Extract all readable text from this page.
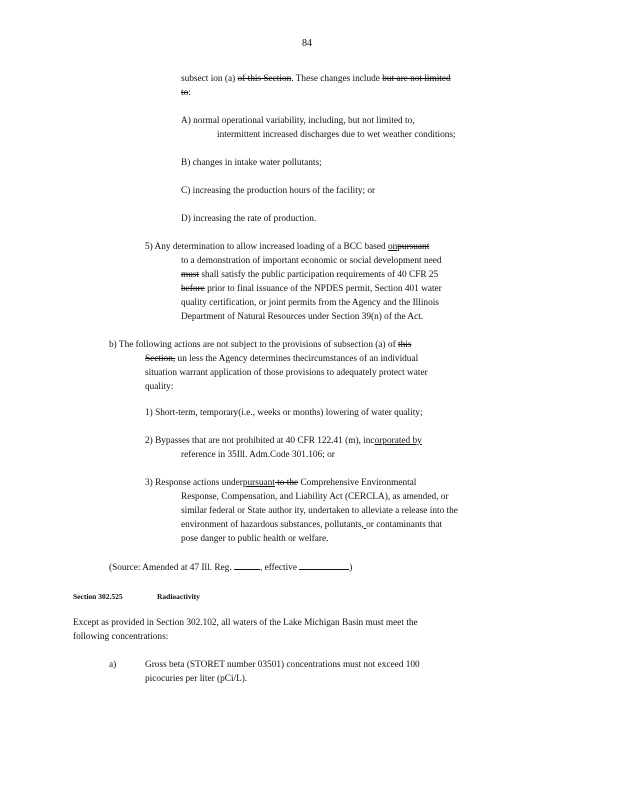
84
subsect ion (a) of this Section. These changes include but are not limited
to:
A) normal operational variability, including, but not limited to,
intermittent increased discharges due to wet weather conditions;
B) changes in intake water pollutants;
C) increasing the production hours of the facility; or
D) increasing the rate of production.
5) Any determination to allow increased loading of a BCC based onpursuant
to a demonstration of important economic or social development need
must shall satisfy the public participation requirements of 40 CFR 25
before prior to final issuance of the NPDES permit, Section 401 water
quality certification, or joint permits from the Agency and the Illinois
Department of Natural Resources under Section 39(n) of the Act.
b) The following actions are not subject to the provisions of subsection (a) of this
Section, un less the Agency determines thecircumstances of an individual
situation warrant application of those provisions to adequately protect water
quality:
1) Short-term, temporary(i.e., weeks or months) lowering of water quality;
2) Bypasses that are not prohibited at 40 CFR 122.41 (m), incorporated by
reference in 35Ill. Adm.Code 301.106; or
3) Response actions underpursuant to the Comprehensive Environmental
Response, Compensation, and Liability Act (CERCLA), as amended, or
similar federal or State author ity, undertaken to alleviate a release into the
environment of hazardous substances, pollutants, or contaminants that
pose danger to public health or welfare.
(Source: Amended at 47 Ill. Reg.	, effective	)
Section 302.525	Radioactivity
Except as provided in Section 302.102, all waters of the Lake Michigan Basin must meet the
following concentrations:
a)	Gross beta (STORET number 03501) concentrations must not exceed 100
picocuries per liter (pCi/L).
